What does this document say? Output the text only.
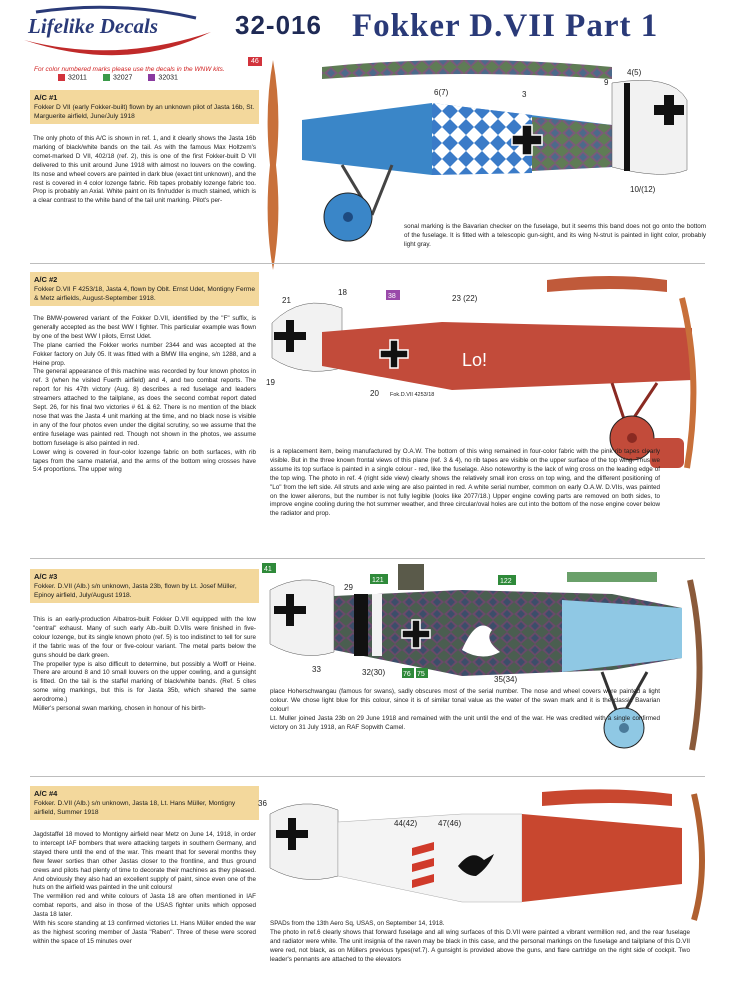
Lifelike Decals	32-016 Fokker D.VII Part 1
For color numbered marks please use the decals in the WNW kits.
32011	32027	32031
46
A/C #1
Fokker D VII (early Fokker-built) flown by an unknown pilot of Jasta 16b, St. Marguerite airfield, June/July 1918
The only photo of this A/C is shown in ref. 1, and it clearly shows the Jasta 16b marking of black/white bands on the tail. As with the famous Max Holtzem's comet-marked D VII, 402/18 (ref. 2), this is one of the first Fokker-built D VII delivered to this unit around June 1918 with almost no louvers on the cowling. Its nose and wheel covers are painted in dark blue (exact tint unknown), and the rest is covered in 4 color lozenge fabric. Rib tapes probably lozenge fabric too. Prop is probably an Axial. White paint on its fin/rudder is much stained, which is a clear contrast to the white band of the tail unit marking. Pilot's per-
6(7)	3
9
4(5)
10/(12)
sonal marking is the Bavarian checker on the fuselage, but it seems this band does not go onto the bottom of the fuselage. It is fitted with a telescopic gun-sight, and its wing N-strut is painted in light color, probably light gray.
A/C #2
Fokker D.VII F 4253/18, Jasta 4, flown by Oblt. Ernst Udet, Montigny Ferme & Metz airfields, August-September 1918.
The BMW-powered variant of the Fokker D.VII, identified by the "F" suffix, is generally accepted as the best WW I fighter. This particular example was flown by one of the best WW I pilots, Ernst Udet.
The plane carried the Fokker works number 2344 and was accepted at the Fokker factory on July 05. It was fitted with a BMW IIIa engine, s/n 1288, and a Heine prop.
The general appearance of this machine was recorded by four known photos in ref. 3 (when he visited Fuerth airfield) and 4, and two combat reports. The report for his 47th victory (Aug. 8) describes a red fuselage and leaders streamers attached to the tailplane, as does the second combat report dated Sept. 26, for his final two victories # 61 & 62. There is no mention of the black nose that was the Jasta 4 unit marking at the time, and no black nose is visible in any of the four photos even under the digital scrutiny, so we assume that the entire fuselage was painted red. Though not shown in the photos, we assume bottom fuselage is also painted in red.
Lower wing is covered in four-color lozenge fabric on both surfaces, with rib tapes from the same material, and the arms of the bottom wing crosses have 5:4 proportions. The upper wing
Lo!
21
18	38	23 (22)
19
20 Fok.D.VII 4253/18
is a replacement item, being manufactured by O.A.W. The bottom of this wing remained in four-color fabric with the pink rib tapes clearly visible. But in the three known frontal views of this plane (ref. 3 & 4), no rib tapes are visible on the upper surface of the top wing. Thus we assume its top surface is painted in a single colour - red, like the fuselage. Also noteworthy is the lack of wing cross on the leading edge of the top wing. The photo in ref. 4 (right side view) clearly shows the relatively small iron cross on top wing, and the different positioning of "Lo" from the left side. All struts and axle wing are also painted in red. A white serial number, common on early O.A.W. D.VIIs, was painted on the lower ailerons, but the number is not fully legible (looks like 2077/18.) Upper engine cowling parts are removed on both sides, to improve engine cooling during the hot summer weather, and three circular/oval holes are cut into the bottom of the nose engine cover below the radiator and prop.
A/C #3
Fokker. D.VII (Alb.) s/n unknown, Jasta 23b, flown by Lt. Josef Müller, Epinoy airfield, July/August 1918.
This is an early-production Albatros-built Fokker D.VII equipped with the low "central" exhaust. Many of such early Alb.-built D.VIIs were finished in five-colour lozenge, but its single known photo (ref. 5) is too indistinct to tell for sure if the fabric was of the four or five-colour variant. The metal parts below the guns should be dark green.
The propeller type is also difficult to determine, but possibly a Wolff or Heine. There are around 8 and 10 small louvers on the upper cowling, and a gunsight is fitted. On the tail is the staffel marking of black/white bands. (Ref. 5 cites some wing markings, but this is for Jasta 35b, which shared the same aerodrome.)
Müller's personal swan marking, chosen in honour of his birth-
41
121	122
29
33	32(30)	76 75
35(34)
place Hoherschwangau (famous for swans), sadly obscures most of the serial number. The nose and wheel covers were painted a light colour. We chose light blue for this colour, since it is of similar tonal value as the water of the swan mark and it is the classic Bavarian colour!
Lt. Muller joined Jasta 23b on 29 June 1918 and remained with the unit until the end of the war. He was credited with a single confirmed victory on 31 July 1918, an RAF Sopwith Camel.
A/C #4
Fokker. D.VII (Alb.) s/n unknown, Jasta 18, Lt. Hans Müller, Montigny airfield, Summer 1918
Jagdstaffel 18 moved to Montigny airfield near Metz on June 14, 1918, in order to intercept IAF bombers that were attacking targets in southern Germany, and stayed there until the end of the war. This meant that for several months they flew fewer sorties than other Jastas closer to the frontline, and thus ground crews and pilots had plenty of time to decorate their machines as they pleased. And obviously they also had an excellent supply of paint, since even one of the huts on the airfield was painted in the unit colours!
The vermillion red and white colours of Jasta 18 are often mentioned in IAF combat reports, and also in those of the USAS fighter units which opposed Jasta 18 later.
With his score standing at 13 confirmed victories Lt. Hans Müller ended the war as the highest scoring member of Jasta "Raben". Three of these were scored within the space of 15 minutes over
36
44(42)	47(46)
SPADs from the 13th Aero Sq, USAS, on September 14, 1918.
The photo in ref.6 clearly shows that forward fuselage and all wing surfaces of this D.VII were painted a vibrant vermillion red, and the rear fuselage and radiator were white. The unit insignia of the raven may be black in this case, and the personal markings on the fuselage and tailplane of this D.VII were red, not black, as on Müllers previous types(ref.7). A gunsight is provided above the guns, and flare cartridge on the right side of cockpit. Two leader's pennants are attached to the elevators
